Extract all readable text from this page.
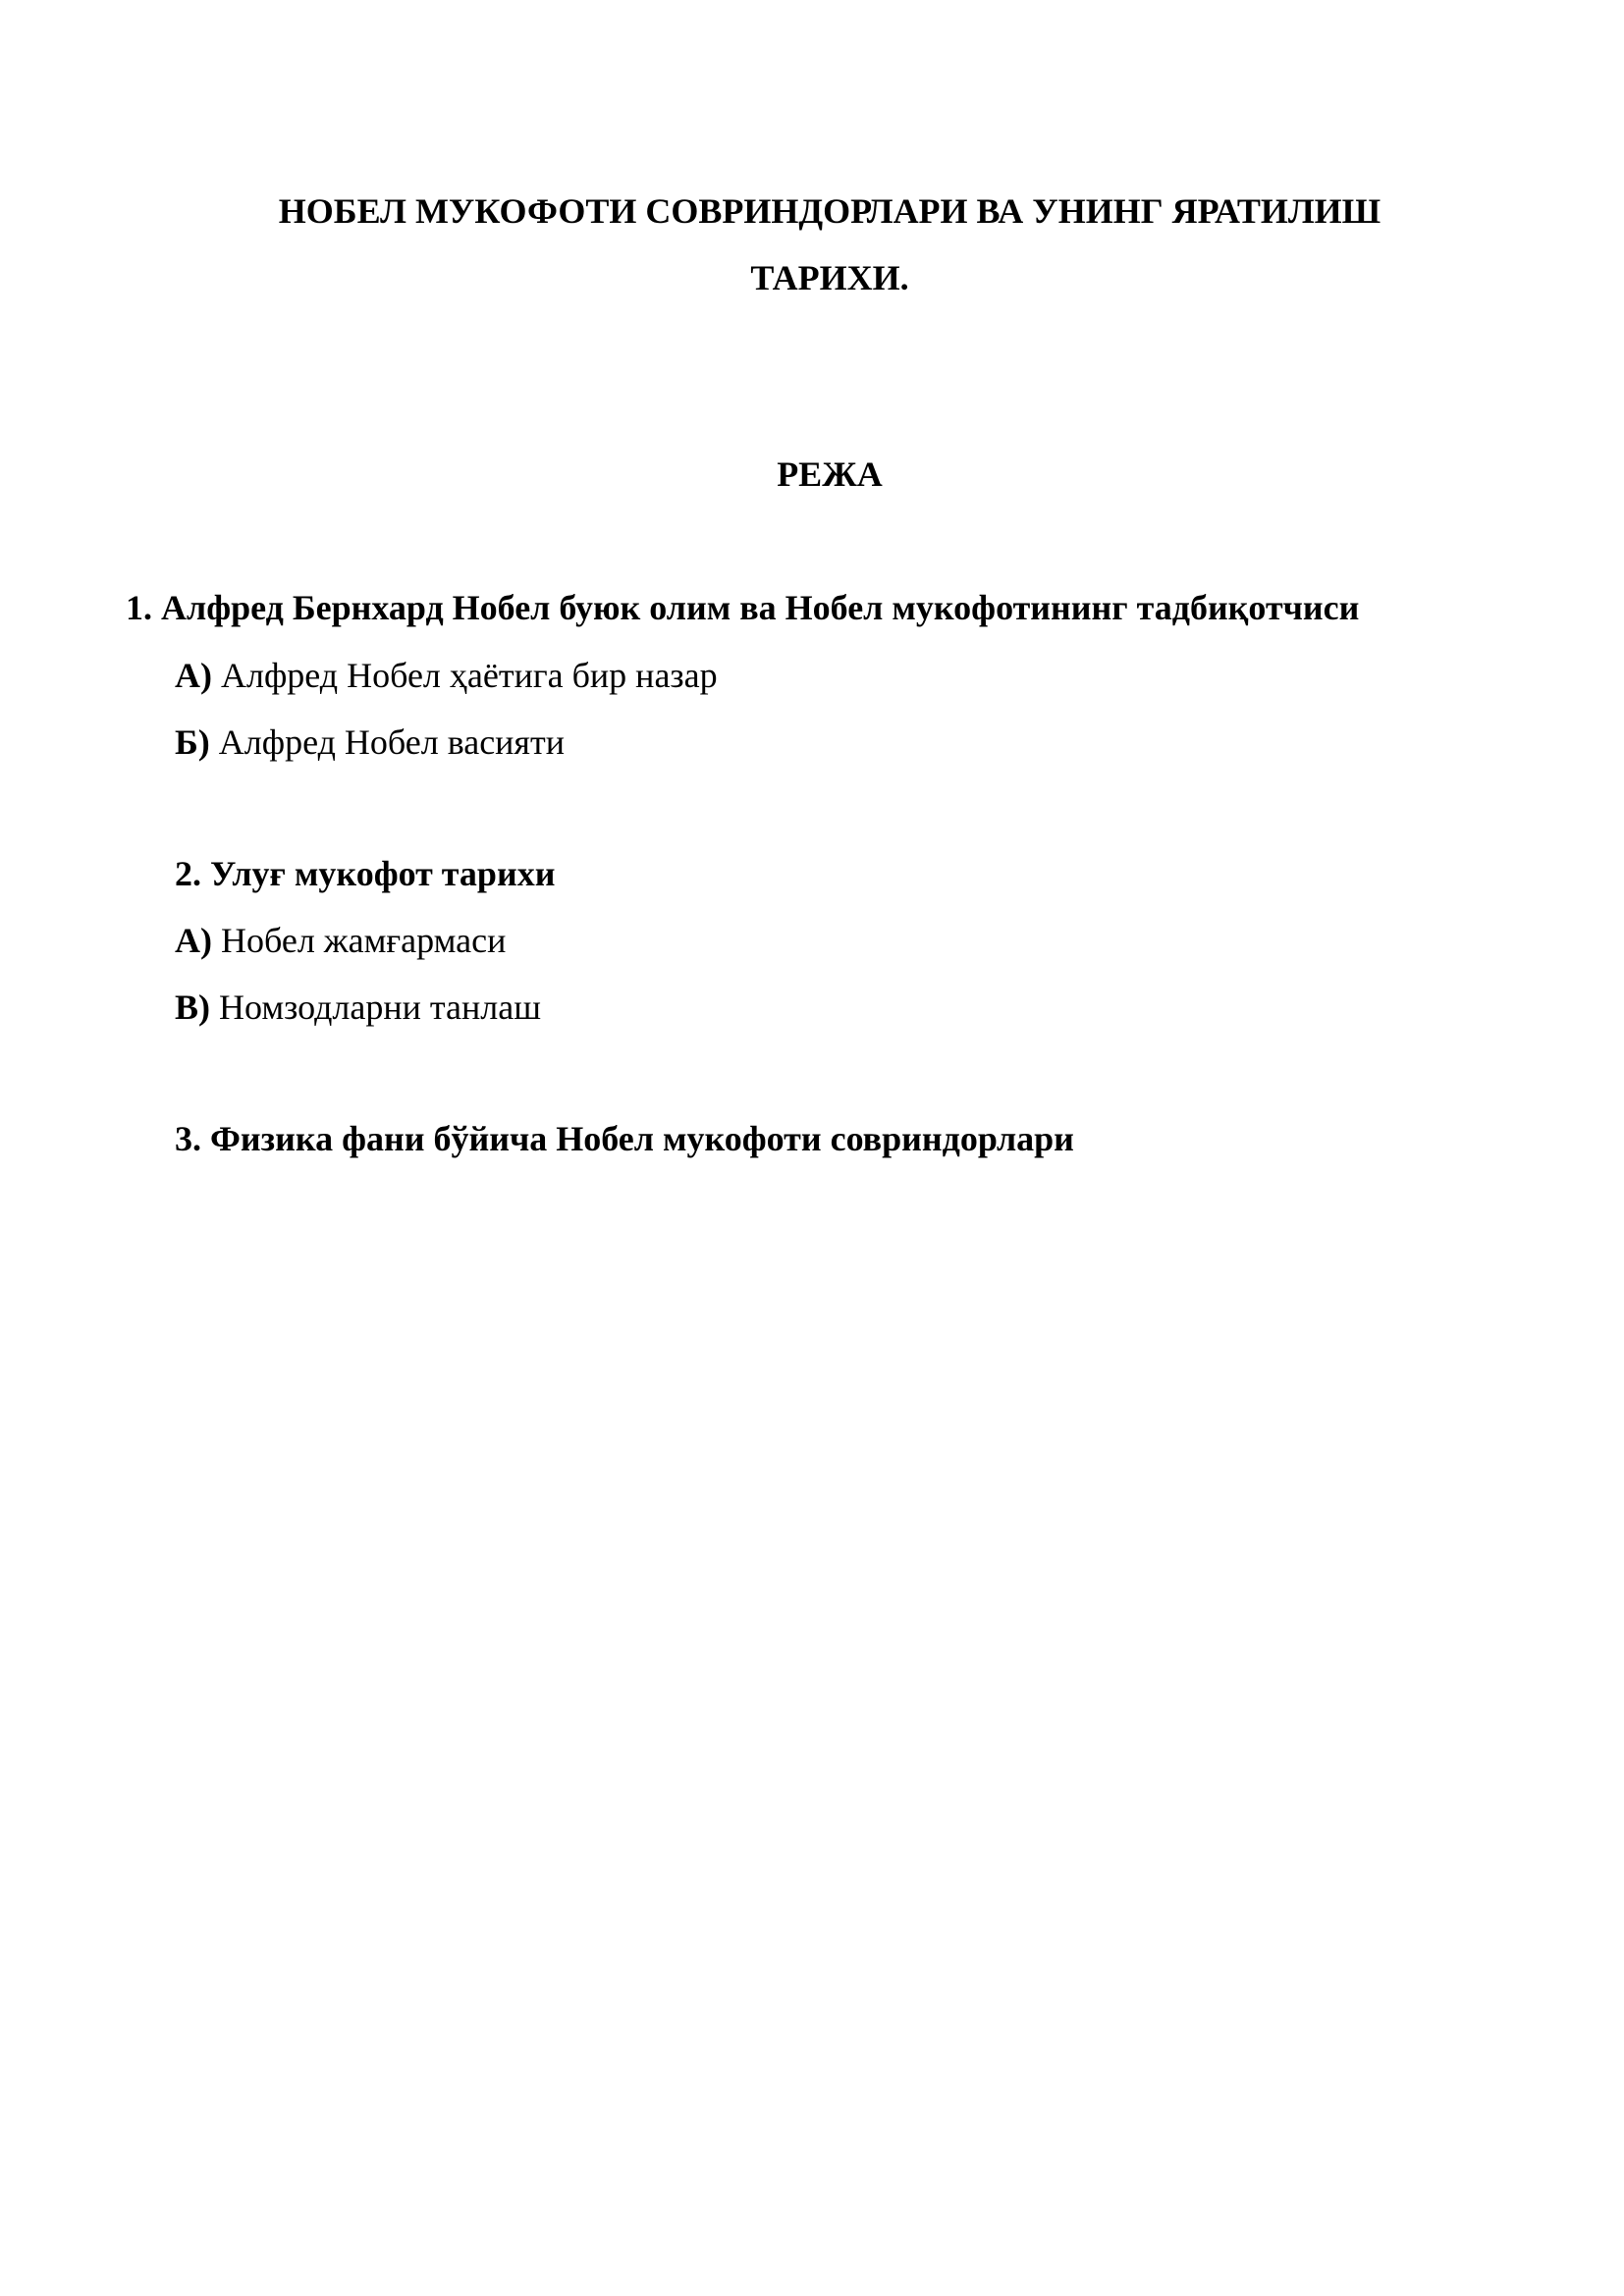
НОБЕЛ МУКОФОТИ СОВРИНДОРЛАРИ ВА УНИНГ ЯРАТИЛИШ
ТАРИХИ.
РЕЖА

1. Алфред Бернхард Нобел буюк олим ва Нобел мукофотининг тадбиқотчиси

А) Алфред Нобел ҳаётига бир назар

Б) Алфред Нобел васияти

2. Улуғ мукофот тарихи

А) Нобел жамғармаси

В) Номзодларни танлаш

3. Физика фани бўйича Нобел мукофоти совриндорлари
